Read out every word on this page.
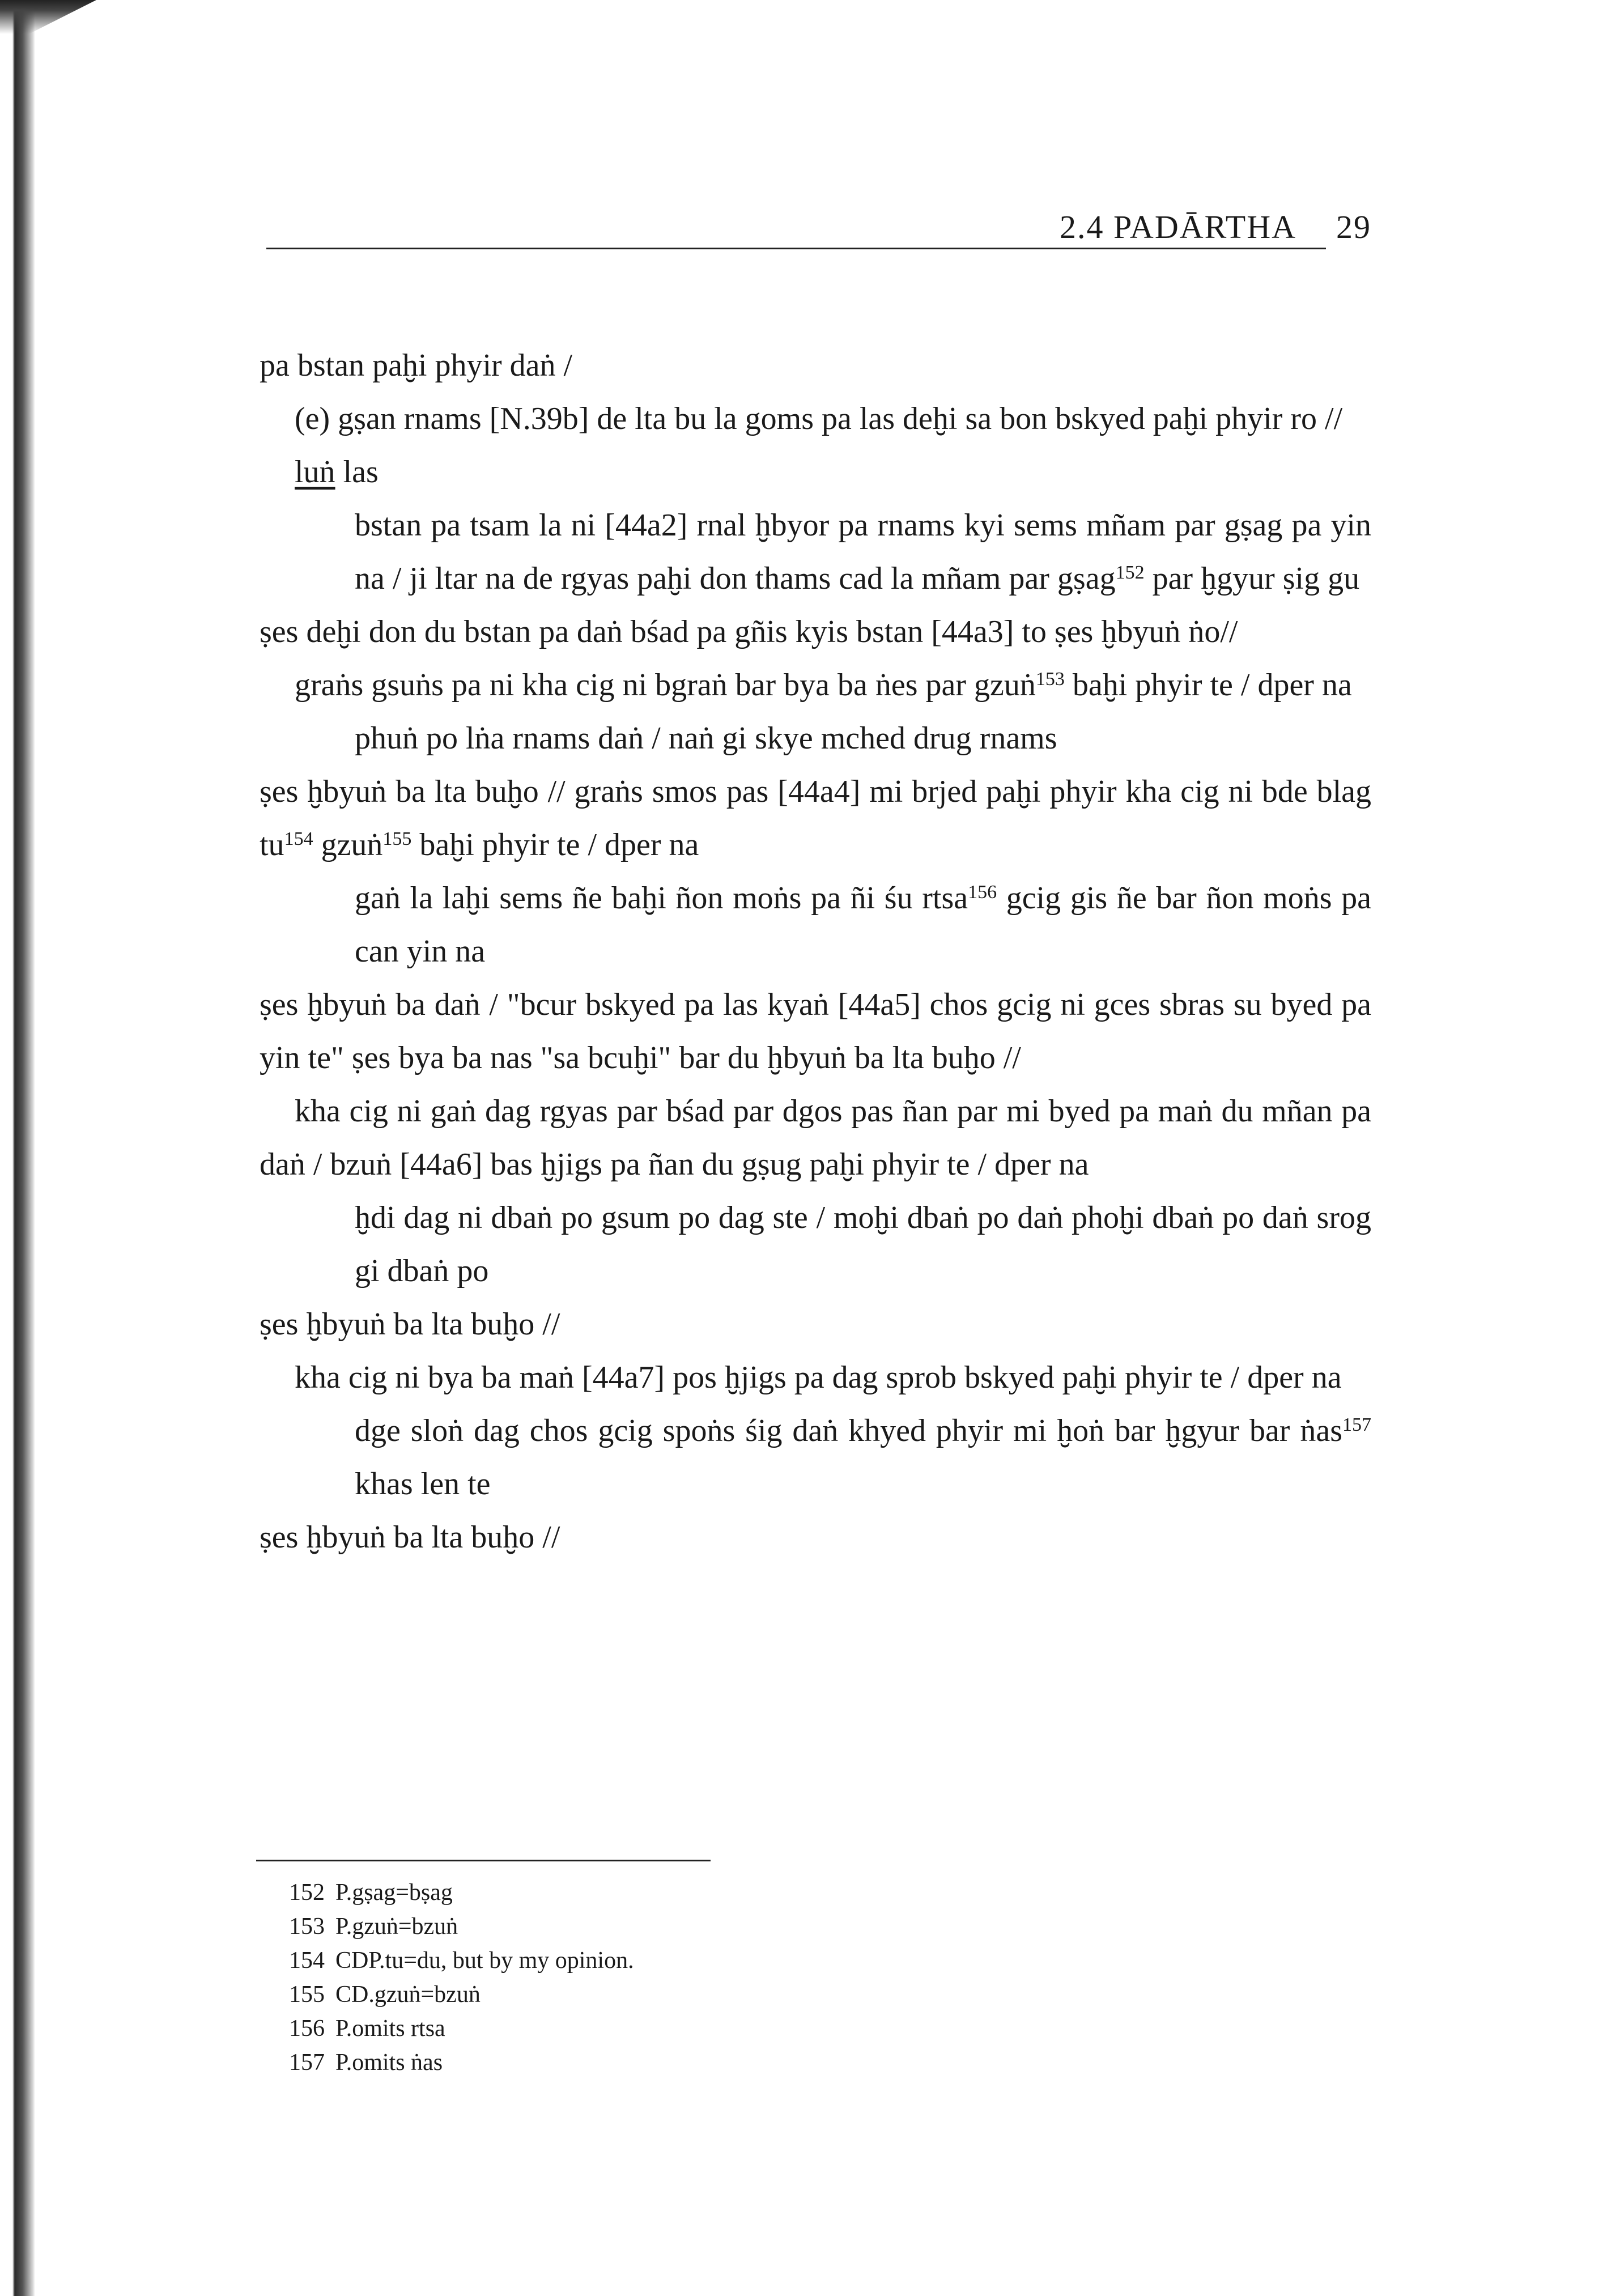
2.4 PADĀRTHA 29

pa bstan paḫi phyir daṅ /

(e) gṣan rnams [N.39b] de lta bu la goms pa las deḫi sa bon bskyed paḫi phyir ro //

luṅ las

bstan pa tsam la ni [44a2] rnal ḫbyor pa rnams kyi sems mñam par gṣag pa yin na / ji ltar na de rgyas paḫi don thams cad la mñam par gṣag$^{152}$ par ḫgyur ṣig gu

ṣes deḫi don du bstan pa daṅ bśad pa gñis kyis bstan [44a3] to ṣes ḫbyuṅ ṅo//

graṅs gsuṅs pa ni kha cig ni bgraṅ bar bya ba ṅes par gzuṅ$^{153}$ baḫi phyir te / dper na

phuṅ po lṅa rnams daṅ / naṅ gi skye mched drug rnams

ṣes ḫbyuṅ ba lta buḫo // graṅs smos pas [44a4] mi brjed paḫi phyir kha cig ni bde blag $tu^{154}$ gzuṅ$^{155}$ baḫi phyir te / dper na

gaṅ la laḫi sems ñe baḫi ñon moṅs pa ñi śu rtsa$^{156}$ gcig gis ñe bar ñon moṅs pa can yin na

ṣes ḫbyuṅ ba daṅ / "bcur bskyed pa las kyaṅ [44a5] chos gcig ni gces sbras su byed pa yin te" ṣes bya ba nas "sa bcuḫi" bar du ḫbyuṅ ba lta buḫo //

kha cig ni gaṅ dag rgyas par bśad par dgos pas ñan par mi byed pa maṅ du mñan pa daṅ / bzuṅ [44a6] bas ḫjigs pa ñan du gṣug paḫi phyir te / dper na

ḫdi dag ni dbaṅ po gsum po dag ste / moḫi dbaṅ po daṅ phoḫi dbaṅ po daṅ srog gi dbaṅ po

ṣes ḫbyuṅ ba lta buḫo //

kha cig ni bya ba maṅ [44a7] pos ḫjigs pa dag sprob bskyed paḫi phyir te / dper na

dge sloṅ dag chos gcig spoṅs śig daṅ khyed phyir mi ḫoṅ bar ḫgyur bar ṅas$^{157}$ khas len te

ṣes ḫbyuṅ ba lta buḫo //

152 P.gṣag=bṣag
153 P.gzuṅ=bzuṅ
154 CDP.tu=du, but by my opinion.
155 CD.gzuṅ=bzuṅ
156 P.omits rtsa
157 P.omits ṅas
